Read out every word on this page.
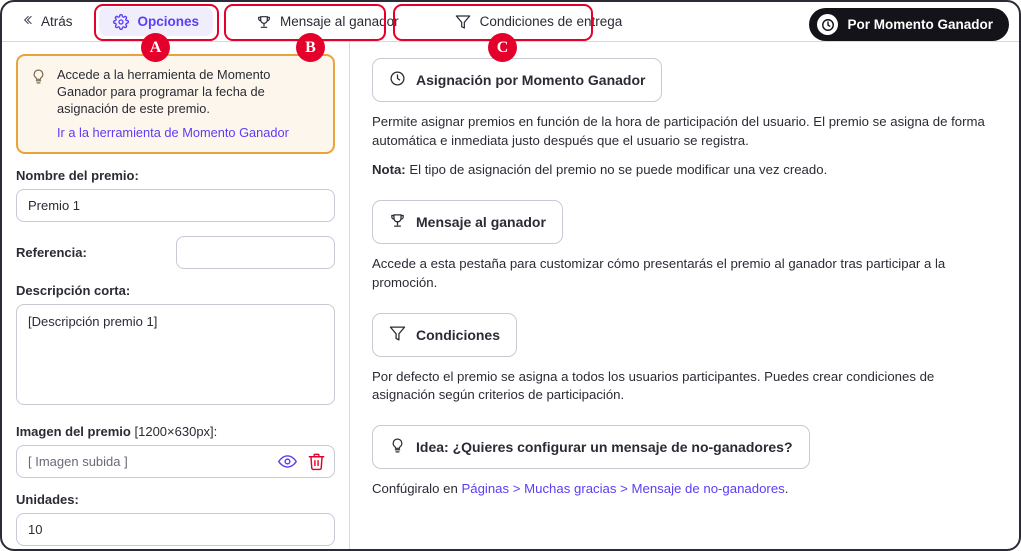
Atrás	Opciones	Mensaje al ganador	Condiciones de entrega	Por Momento Ganador
A	B	C

Accede a la herramienta de Momento Ganador para programar la fecha de asignación de este premio.

Ir a la herramienta de Momento Ganador
Nombre del premio:
Premio 1
Referencia:
Descripción corta:
[Descripción premio 1]
Imagen del premio [1200×630px]:
[ Imagen subida ]
Unidades:
10
Asignación por Momento Ganador

Permite asignar premios en función de la hora de participación del usuario. El premio se asigna de forma automática e inmediata justo después que el usuario se registra.

Nota: El tipo de asignación del premio no se puede modificar una vez creado.

Mensaje al ganador

Accede a esta pestaña para customizar cómo presentarás el premio al ganador tras participar a la promoción.

Condiciones

Por defecto el premio se asigna a todos los usuarios participantes. Puedes crear condiciones de asignación según criterios de participación.

Idea: ¿Quieres configurar un mensaje de no-ganadores?

Confúgiralo en Páginas > Muchas gracias > Mensaje de no-ganadores.
